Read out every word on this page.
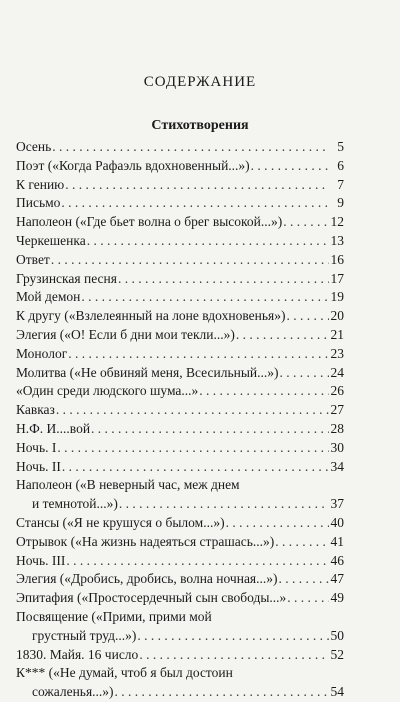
СОДЕРЖАНИЕ
Стихотворения
Осень . . .	5
Поэт («Когда Рафаэль вдохновенный...») . . .	6
К гению . . .	7
Письмо . . .	9
Наполеон («Где бьет волна о брег высокой...») . . .	12
Черкешенка . . .	13
Ответ . . .	16
Грузинская песня . . .	17
Мой демон . . .	19
К другу («Взлелеянный на лоне вдохновенья») . . .	20
Элегия («О! Если б дни мои текли...») . . .	21
Монолог . . .	23
Молитва («Не обвиняй меня, Всесильный...») . . .	24
«Один среди людского шума...» . . .	26
Кавказ . . .	27
Н.Ф. И....вой . . .	28
Ночь. I . . .	30
Ночь. II . . .	34
Наполеон («В неверный час, меж днем
и темнотой...») . . .	37
Стансы («Я не крушуся о былом...») . . .	40
Отрывок («На жизнь надеяться страшась...») . . .	41
Ночь. III . . .	46
Элегия («Дробись, дробись, волна ночная...») . . .	47
Эпитафия («Простосердечный сын свободы...» . . .	49
Посвящение («Прими, прими мой
грустный труд...») . . .	50
1830. Майя. 16 число . . .	52
К*** («Не думай, чтоб я был достоин
сожаленья...») . . .	54
